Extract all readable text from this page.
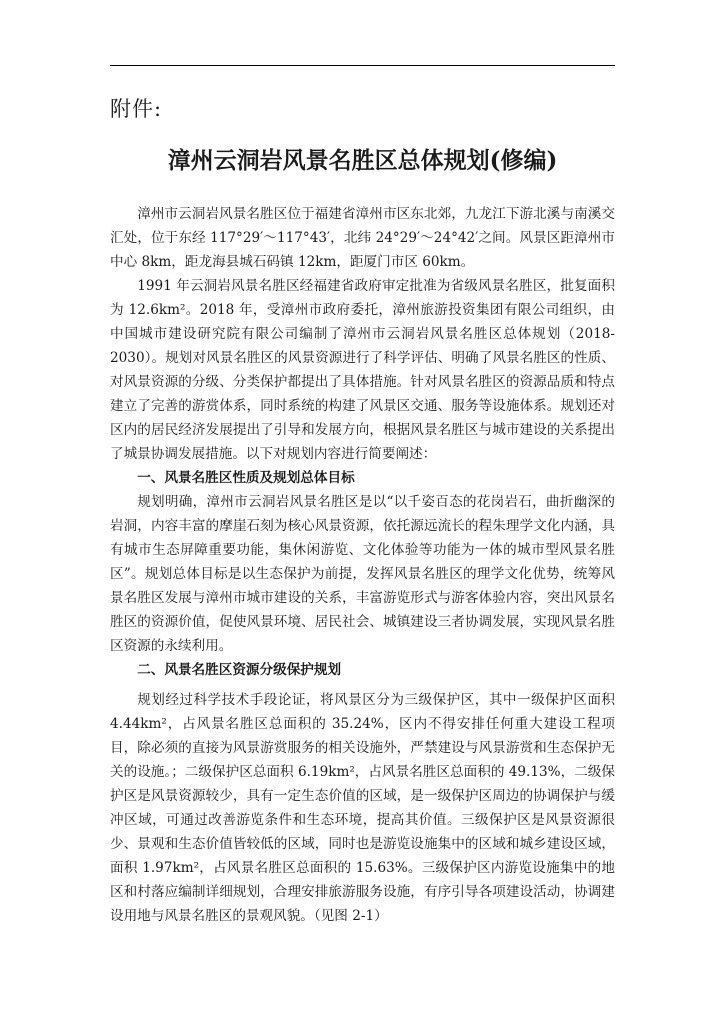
附件:
漳州云洞岩风景名胜区总体规划(修编)

漳州市云洞岩风景名胜区位于福建省漳州市区东北郊，九龙江下游北溪与南溪交汇处，位于东经 117°29′～117°43′，北纬 24°29′～24°42′之间。风景区距漳州市中心 8km，距龙海县城石码镇 12km，距厦门市区 60km。

1991 年云洞岩风景名胜区经福建省政府审定批准为省级风景名胜区，批复面积为 12.6km²。2018 年，受漳州市政府委托，漳州旅游投资集团有限公司组织，由中国城市建设研究院有限公司编制了漳州市云洞岩风景名胜区总体规划（2018-2030）。规划对风景名胜区的风景资源进行了科学评估、明确了风景名胜区的性质、对风景资源的分级、分类保护都提出了具体措施。针对风景名胜区的资源品质和特点建立了完善的游赏体系，同时系统的构建了风景区交通、服务等设施体系。规划还对区内的居民经济发展提出了引导和发展方向，根据风景名胜区与城市建设的关系提出了城景协调发展措施。以下对规划内容进行简要阐述：

一、风景名胜区性质及规划总体目标

规划明确，漳州市云洞岩风景名胜区是以“以千姿百态的花岗岩石，曲折幽深的岩洞，内容丰富的摩崖石刻为核心风景资源，依托源远流长的程朱理学文化内涵，具有城市生态屏障重要功能，集休闲游览、文化体验等功能为一体的城市型风景名胜区”。规划总体目标是以生态保护为前提，发挥风景名胜区的理学文化优势，统筹风景名胜区发展与漳州市城市建设的关系，丰富游览形式与游客体验内容，突出风景名胜区的资源价值，促使风景环境、居民社会、城镇建设三者协调发展，实现风景名胜区资源的永续利用。

二、风景名胜区资源分级保护规划

规划经过科学技术手段论证，将风景区分为三级保护区，其中一级保护区面积 4.44km²，占风景名胜区总面积的 35.24%，区内不得安排任何重大建设工程项目，除必须的直接为风景游赏服务的相关设施外，严禁建设与风景游赏和生态保护无关的设施。；二级保护区总面积 6.19km²，占风景名胜区总面积的 49.13%，二级保护区是风景资源较少，具有一定生态价值的区域，是一级保护区周边的协调保护与缓冲区域，可通过改善游览条件和生态环境，提高其价值。三级保护区是风景资源很少、景观和生态价值皆较低的区域，同时也是游览设施集中的区域和城乡建设区域，面积 1.97km²，占风景名胜区总面积的 15.63%。三级保护区内游览设施集中的地区和村落应编制详细规划，合理安排旅游服务设施，有序引导各项建设活动，协调建设用地与风景名胜区的景观风貌。（见图 2-1）
